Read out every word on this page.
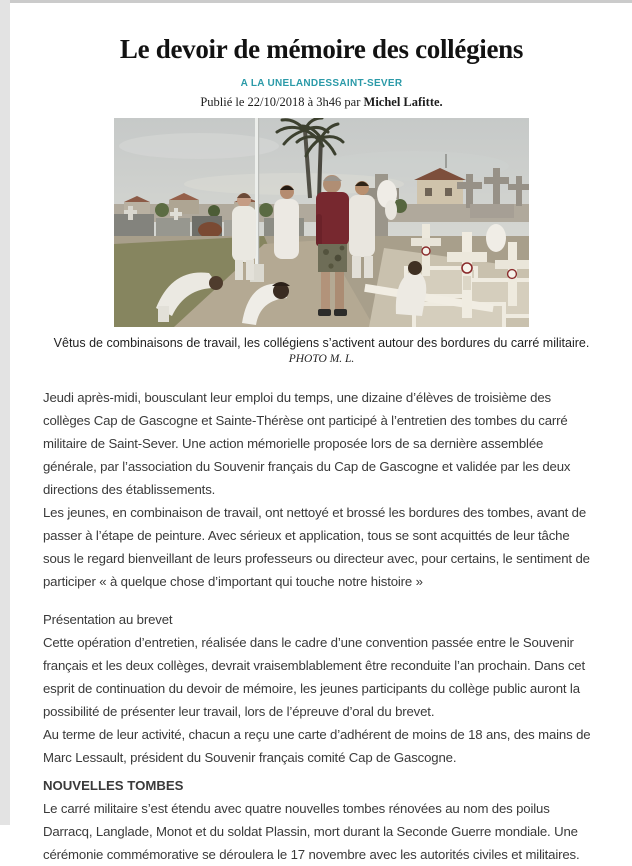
Le devoir de mémoire des collégiens
A LA UNELANDESSAINT-SEVER
Publié le 22/10/2018 à 3h46 par Michel Lafitte.
Vêtus de combinaisons de travail, les collégiens s’activent autour des bordures du carré militaire.
PHOTO M. L.

Jeudi après-midi, bousculant leur emploi du temps, une dizaine d’élèves de troisième des collèges Cap de Gascogne et Sainte-Thérèse ont participé à l’entretien des tombes du carré militaire de Saint-Sever. Une action mémorielle proposée lors de sa dernière assemblée générale, par l’association du Souvenir français du Cap de Gascogne et validée par les deux directions des établissements.

Les jeunes, en combinaison de travail, ont nettoyé et brossé les bordures des tombes, avant de passer à l’étape de peinture. Avec sérieux et application, tous se sont acquittés de leur tâche sous le regard bienveillant de leurs professeurs ou directeur avec, pour certains, le sentiment de participer « à quelque chose d’important qui touche notre histoire »

Présentation au brevet

Cette opération d’entretien, réalisée dans le cadre d’une convention passée entre le Souvenir français et les deux collèges, devrait vraisemblablement être reconduite l’an prochain. Dans cet esprit de continuation du devoir de mémoire, les jeunes participants du collège public auront la possibilité de présenter leur travail, lors de l’épreuve d’oral du brevet.

Au terme de leur activité, chacun a reçu une carte d’adhérent de moins de 18 ans, des mains de Marc Lessault, président du Souvenir français comité Cap de Gascogne.

NOUVELLES TOMBES

Le carré militaire s’est étendu avec quatre nouvelles tombes rénovées au nom des poilus Darracq, Langlade, Monot et du soldat Plassin, mort durant la Seconde Guerre mondiale. Une cérémonie commémorative se déroulera le 17 novembre avec les autorités civiles et militaires.
